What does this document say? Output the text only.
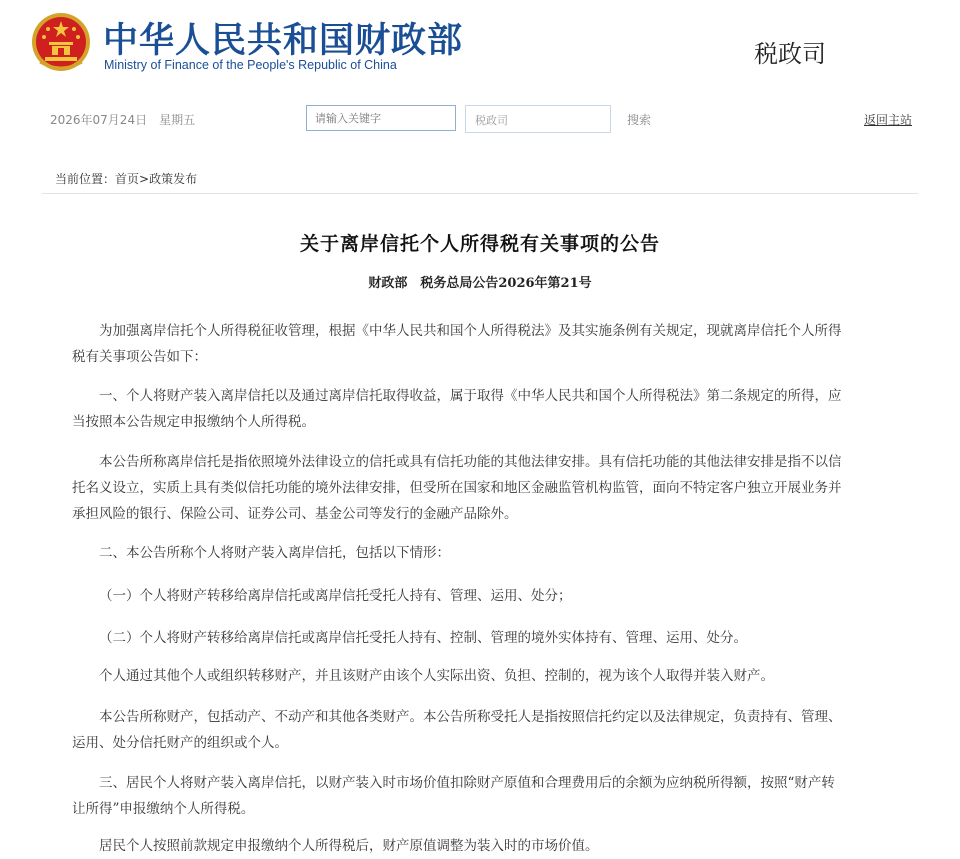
中华人民共和国财政部
Ministry of Finance of the People's Republic of China	税政司
2026年07月24日　星期五
请输入关键字	税政司	搜索	返回主站
当前位置：首页>政策发布
关于离岸信托个人所得税有关事项的公告
财政部　税务总局公告2026年第21号
为加强离岸信托个人所得税征收管理，根据《中华人民共和国个人所得税法》及其实施条例有关规定，现就离岸信托个人所得
税有关事项公告如下：
一、个人将财产装入离岸信托以及通过离岸信托取得收益，属于取得《中华人民共和国个人所得税法》第二条规定的所得，应
当按照本公告规定申报缴纳个人所得税。
本公告所称离岸信托是指依照境外法律设立的信托或具有信托功能的其他法律安排。具有信托功能的其他法律安排是指不以信
托名义设立，实质上具有类似信托功能的境外法律安排，但受所在国家和地区金融监管机构监管，面向不特定客户独立开展业务并
承担风险的银行、保险公司、证券公司、基金公司等发行的金融产品除外。
二、本公告所称个人将财产装入离岸信托，包括以下情形：
（一）个人将财产转移给离岸信托或离岸信托受托人持有、管理、运用、处分；
（二）个人将财产转移给离岸信托或离岸信托受托人持有、控制、管理的境外实体持有、管理、运用、处分。
个人通过其他个人或组织转移财产，并且该财产由该个人实际出资、负担、控制的，视为该个人取得并装入财产。
本公告所称财产，包括动产、不动产和其他各类财产。本公告所称受托人是指按照信托约定以及法律规定，负责持有、管理、
运用、处分信托财产的组织或个人。
三、居民个人将财产装入离岸信托，以财产装入时市场价值扣除财产原值和合理费用后的余额为应纳税所得额，按照“财产转
让所得”申报缴纳个人所得税。
居民个人按照前款规定申报缴纳个人所得税后，财产原值调整为装入时的市场价值。
